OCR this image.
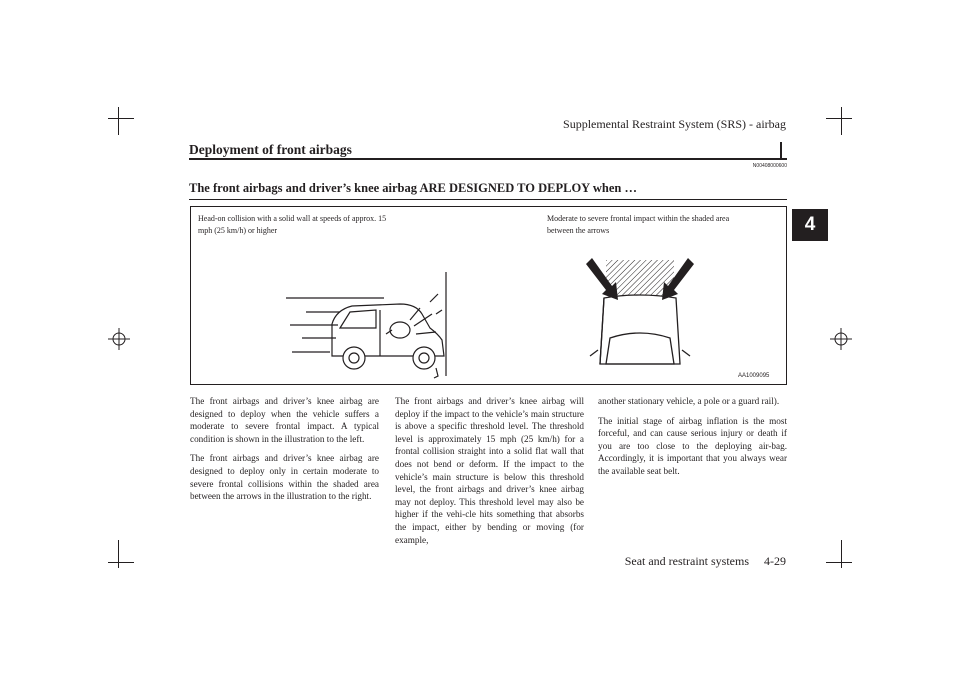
Supplemental Restraint System (SRS) - airbag
Deployment of front airbags
N00408000600
The front airbags and driver’s knee airbag ARE DESIGNED TO DEPLOY when …
4
Head-on collision with a solid wall at speeds of approx. 15 mph (25 km/h) or higher
Moderate to severe frontal impact within the shaded area between the arrows
AA1009095

The front airbags and driver’s knee airbag are designed to deploy when the vehicle suffers a moderate to severe frontal impact. A typical condition is shown in the illustration to the left.

The front airbags and driver’s knee airbag are designed to deploy only in certain moderate to severe frontal collisions within the shaded area between the arrows in the illustration to the right.

The front airbags and driver’s knee airbag will deploy if the impact to the vehicle’s main structure is above a specific threshold level. The threshold level is approximately 15 mph (25 km/h) for a frontal collision straight into a solid flat wall that does not bend or deform. If the impact to the vehicle’s main structure is below this threshold level, the front airbags and driver’s knee airbag may not deploy. This threshold level may also be higher if the vehi-cle hits something that absorbs the impact, either by bending or moving (for example,

another stationary vehicle, a pole or a guard rail).

The initial stage of airbag inflation is the most forceful, and can cause serious injury or death if you are too close to the deploying air-bag. Accordingly, it is important that you always wear the available seat belt.

Seat and restraint systems 4-29
